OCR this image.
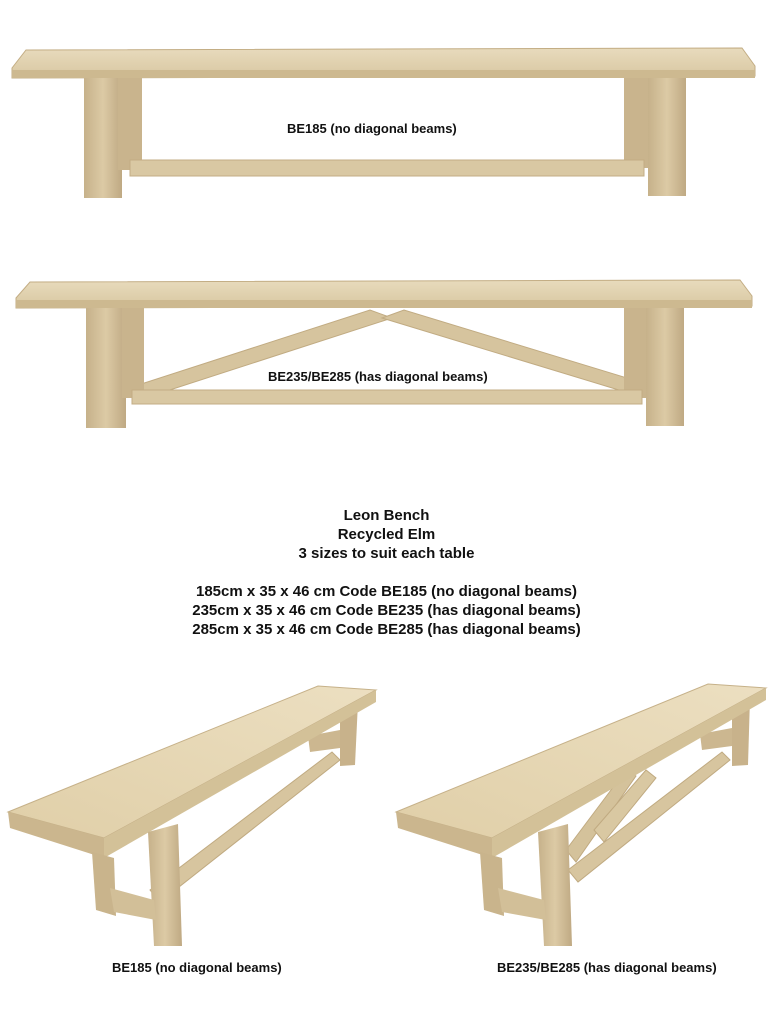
BE185 (no diagonal beams)
BE235/BE285 (has diagonal beams)
Leon Bench
Recycled Elm
3 sizes to suit each table
185cm x 35 x 46 cm Code BE185 (no diagonal beams)
235cm x 35 x 46 cm Code BE235 (has diagonal beams)
285cm x 35 x 46 cm Code BE285 (has diagonal beams)
BE185 (no diagonal beams)	BE235/BE285 (has diagonal beams)
